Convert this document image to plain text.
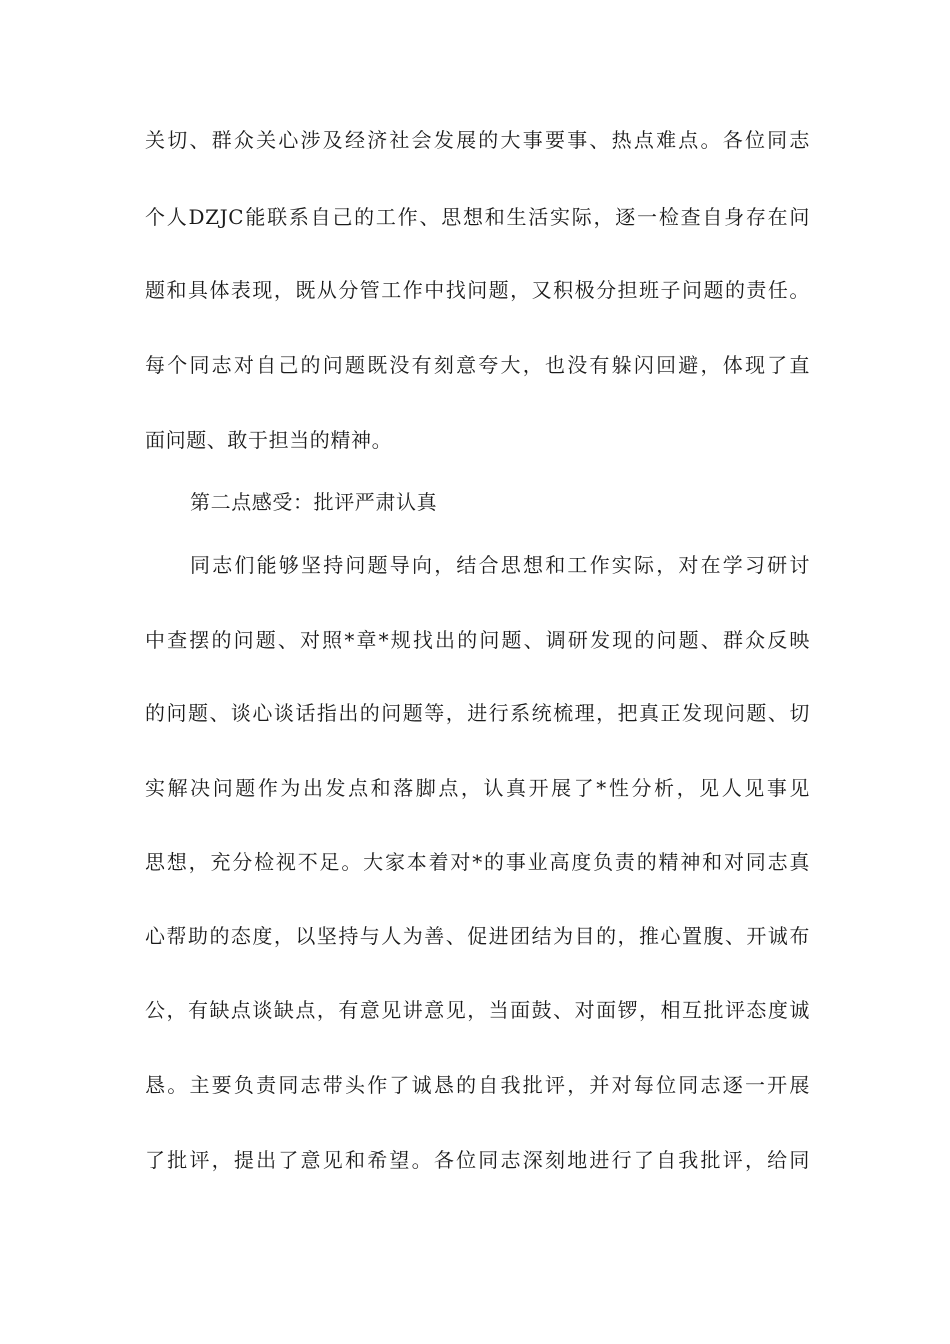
关切、群众关心涉及经济社会发展的大事要事、热点难点。各位同志
个人DZJC能联系自己的工作、思想和生活实际，逐一检查自身存在问
题和具体表现，既从分管工作中找问题，又积极分担班子问题的责任。
每个同志对自己的问题既没有刻意夸大，也没有躲闪回避，体现了直
面问题、敢于担当的精神。
第二点感受：批评严肃认真
同志们能够坚持问题导向，结合思想和工作实际，对在学习研讨
中查摆的问题、对照*章*规找出的问题、调研发现的问题、群众反映
的问题、谈心谈话指出的问题等，进行系统梳理，把真正发现问题、切
实解决问题作为出发点和落脚点，认真开展了*性分析，见人见事见
思想，充分检视不足。大家本着对*的事业高度负责的精神和对同志真
心帮助的态度，以坚持与人为善、促进团结为目的，推心置腹、开诚布
公，有缺点谈缺点，有意见讲意见，当面鼓、对面锣，相互批评态度诚
恳。主要负责同志带头作了诚恳的自我批评，并对每位同志逐一开展
了批评，提出了意见和希望。各位同志深刻地进行了自我批评，给同
